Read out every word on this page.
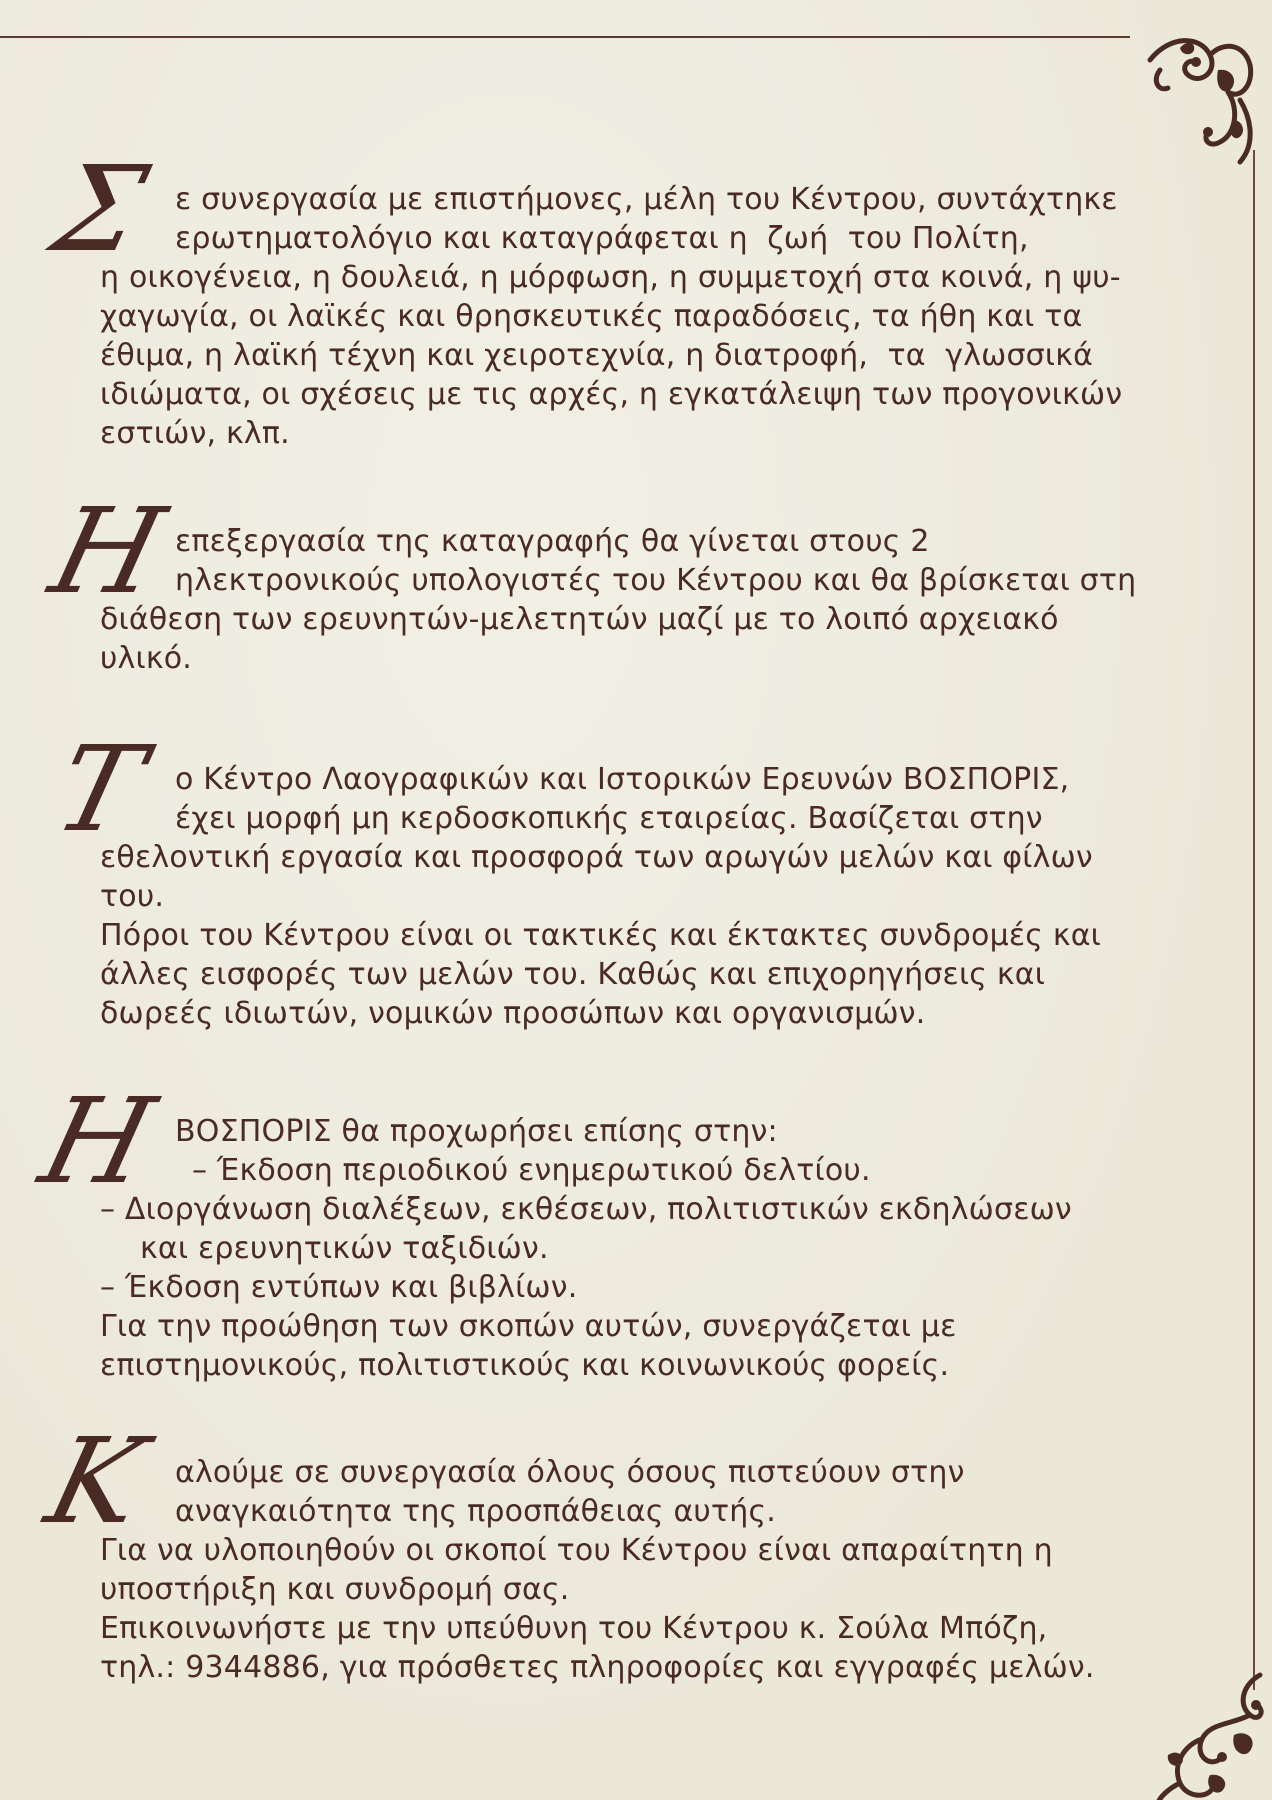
Σ
Η
Τ
Η
Κ
ε συνεργασία με επιστήμονες, μέλη του Κέντρου, συντάχτηκε
ερωτηματολόγιο και καταγράφεται η  ζωή  του Πολίτη,
η οικογένεια, η δουλειά, η μόρφωση, η συμμετοχή στα κοινά, η ψυ-
χαγωγία, οι λαϊκές και θρησκευτικές παραδόσεις, τα ήθη και τα
έθιμα, η λαϊκή τέχνη και χειροτεχνία, η διατροφή,  τα  γλωσσικά
ιδιώματα, οι σχέσεις με τις αρχές, η εγκατάλειψη των προγονικών
εστιών, κλπ.
επεξεργασία της καταγραφής θα γίνεται στους 2
ηλεκτρονικούς υπολογιστές του Κέντρου και θα βρίσκεται στη
διάθεση των ερευνητών-μελετητών μαζί με το λοιπό αρχειακό
υλικό.
ο Κέντρο Λαογραφικών και Ιστορικών Ερευνών ΒΟΣΠΟΡΙΣ,
έχει μορφή μη κερδοσκοπικής εταιρείας. Βασίζεται στην
εθελοντική εργασία και προσφορά των αρωγών μελών και φίλων
του.
Πόροι του Κέντρου είναι οι τακτικές και έκτακτες συνδρομές και
άλλες εισφορές των μελών του. Καθώς και επιχορηγήσεις και
δωρεές ιδιωτών, νομικών προσώπων και οργανισμών.
ΒΟΣΠΟΡΙΣ θα προχωρήσει επίσης στην:
– Έκδοση περιοδικού ενημερωτικού δελτίου.
– Διοργάνωση διαλέξεων, εκθέσεων, πολιτιστικών εκδηλώσεων
και ερευνητικών ταξιδιών.
– Έκδοση εντύπων και βιβλίων.
Για την προώθηση των σκοπών αυτών, συνεργάζεται με
επιστημονικούς, πολιτιστικούς και κοινωνικούς φορείς.
αλούμε σε συνεργασία όλους όσους πιστεύουν στην
αναγκαιότητα της προσπάθειας αυτής.
Για να υλοποιηθούν οι σκοποί του Κέντρου είναι απαραίτητη η
υποστήριξη και συνδρομή σας.
Επικοινωνήστε με την υπεύθυνη του Κέντρου κ. Σούλα Μπόζη,
τηλ.: 9344886, για πρόσθετες πληροφορίες και εγγραφές μελών.
